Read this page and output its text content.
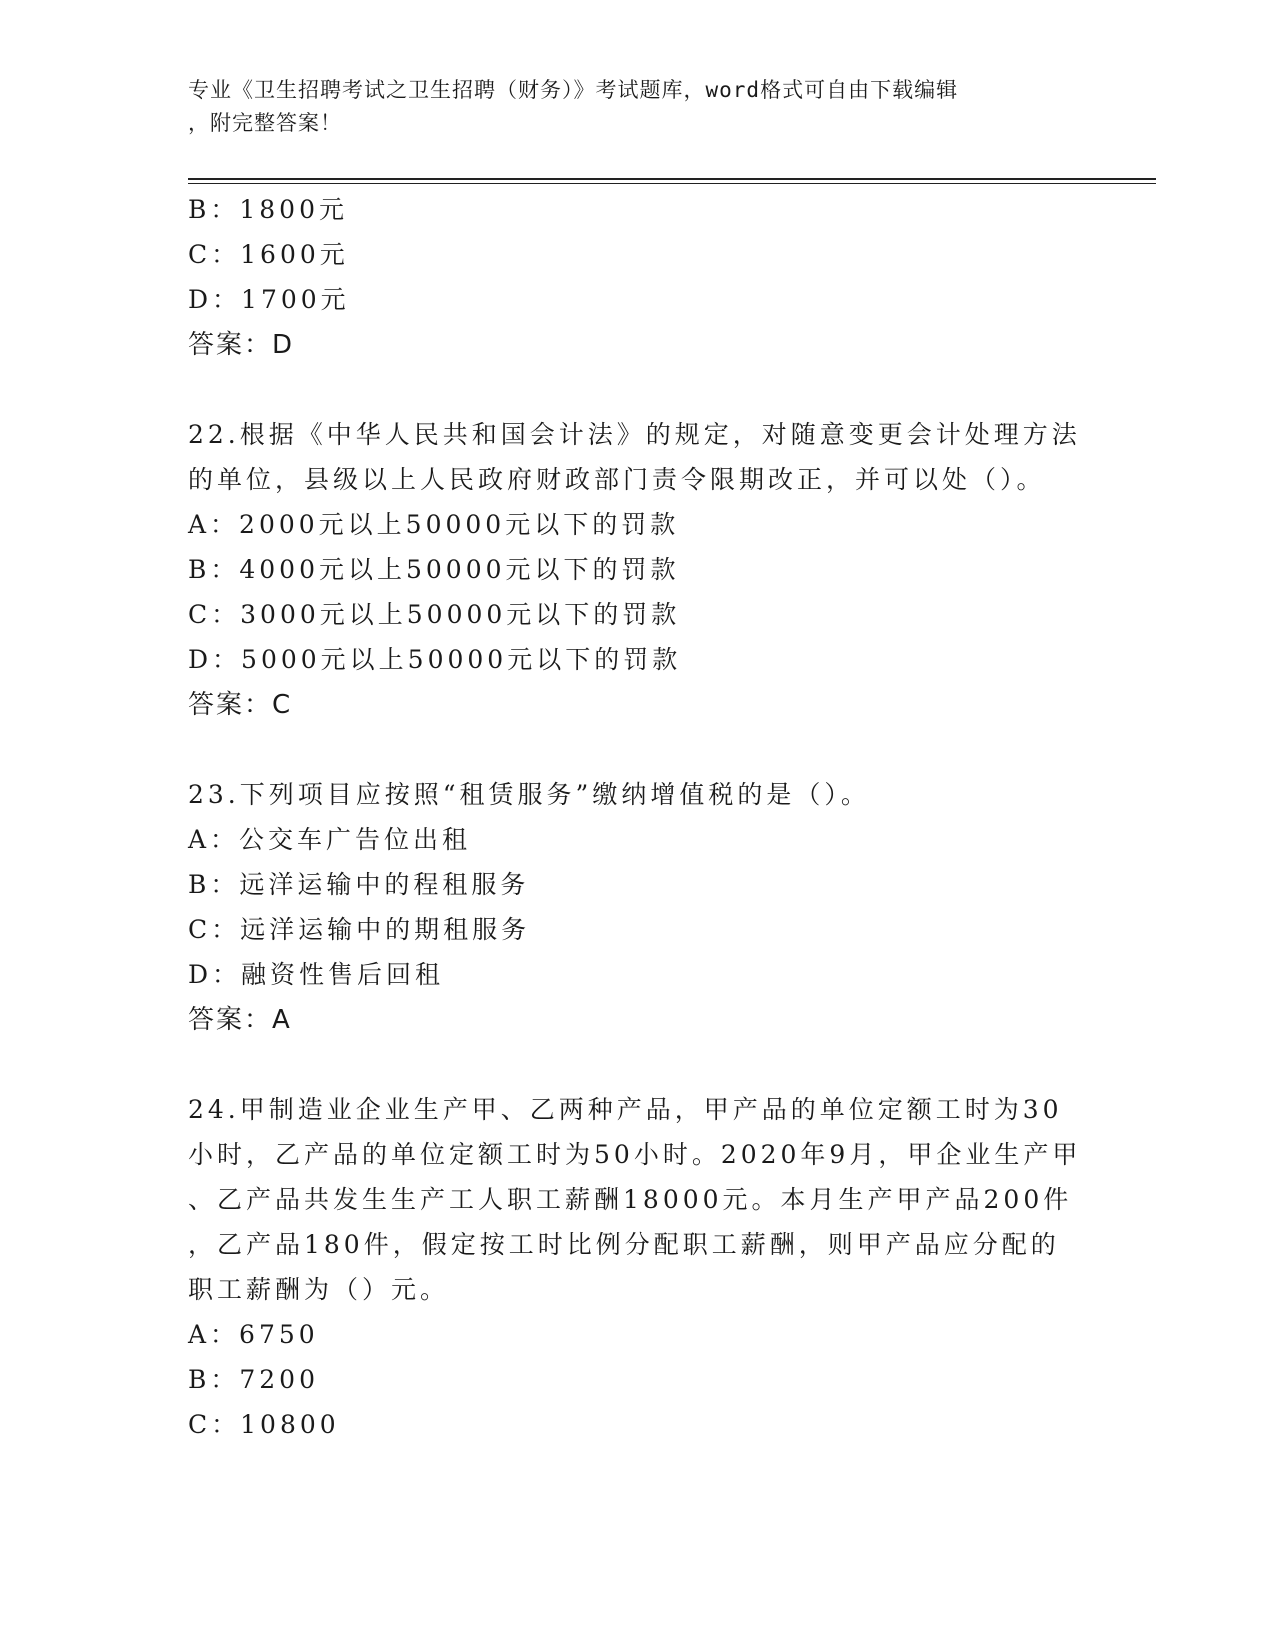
专业《卫生招聘考试之卫生招聘（财务）》考试题库，word格式可自由下载编辑
，附完整答案！
B：1800元
C：1600元
D：1700元
答案：D
22.根据《中华人民共和国会计法》的规定，对随意变更会计处理方法
的单位，县级以上人民政府财政部门责令限期改正，并可以处（）。
A：2000元以上50000元以下的罚款
B：4000元以上50000元以下的罚款
C：3000元以上50000元以下的罚款
D：5000元以上50000元以下的罚款
答案：C
23.下列项目应按照“租赁服务”缴纳增值税的是（）。
A：公交车广告位出租
B：远洋运输中的程租服务
C：远洋运输中的期租服务
D：融资性售后回租
答案：A
24.甲制造业企业生产甲、乙两种产品，甲产品的单位定额工时为30
小时，乙产品的单位定额工时为50小时。2020年9月，甲企业生产甲
、乙产品共发生生产工人职工薪酬18000元。本月生产甲产品200件
，乙产品180件，假定按工时比例分配职工薪酬，则甲产品应分配的
职工薪酬为（）元。
A：6750
B：7200
C：10800
